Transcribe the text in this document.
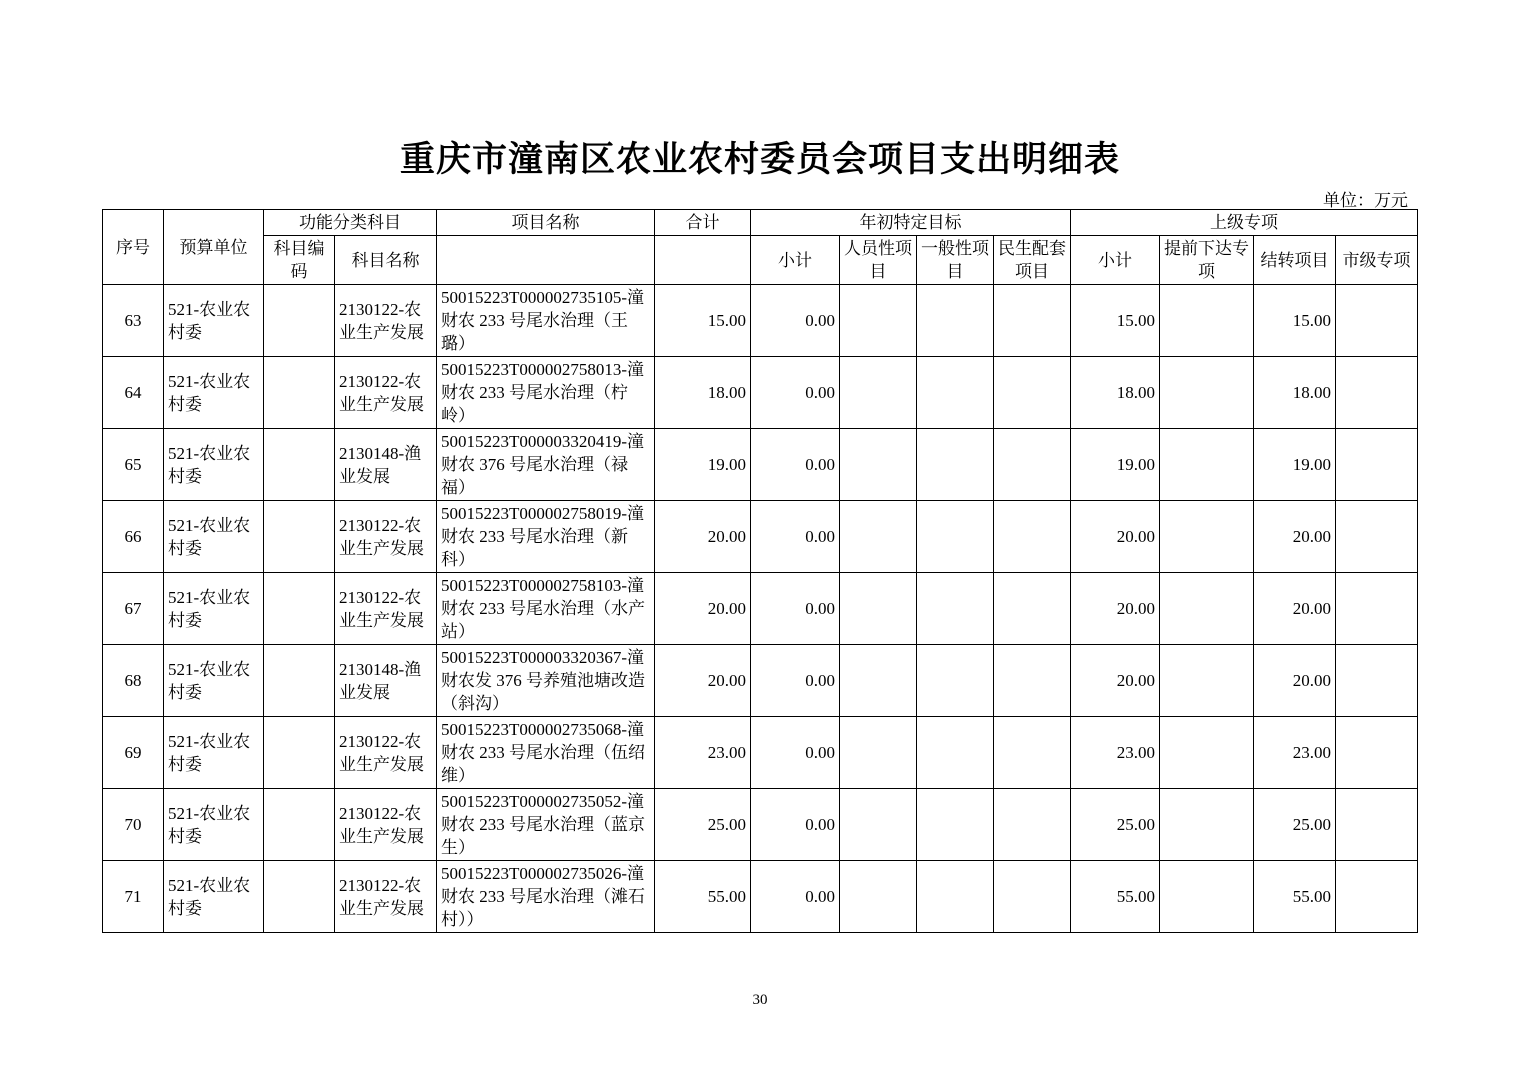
重庆市潼南区农业农村委员会项目支出明细表
单位：万元
序号	预算单位	功能分类科目		项目名称	合计	年初特定目标				上级专项			
		科目编码	科目名称			小计	人员性项目	一般性项目	民生配套项目	小计	提前下达专项	结转项目	市级专项
63	521-农业农村委		2130122-农业生产发展	50015223T000002735105-潼财农 233 号尾水治理（王璐）	15.00	0.00				15.00		15.00	
64	521-农业农村委		2130122-农业生产发展	50015223T000002758013-潼财农 233 号尾水治理（柠岭）	18.00	0.00				18.00		18.00	
65	521-农业农村委		2130148-渔业发展	50015223T000003320419-潼财农 376 号尾水治理（禄福）	19.00	0.00				19.00		19.00	
66	521-农业农村委		2130122-农业生产发展	50015223T000002758019-潼财农 233 号尾水治理（新科）	20.00	0.00				20.00		20.00	
67	521-农业农村委		2130122-农业生产发展	50015223T000002758103-潼财农 233 号尾水治理（水产站）	20.00	0.00				20.00		20.00	
68	521-农业农村委		2130148-渔业发展	50015223T000003320367-潼财农发 376 号养殖池塘改造（斜沟）	20.00	0.00				20.00		20.00	
69	521-农业农村委		2130122-农业生产发展	50015223T000002735068-潼财农 233 号尾水治理（伍绍维）	23.00	0.00				23.00		23.00	
70	521-农业农村委		2130122-农业生产发展	50015223T000002735052-潼财农 233 号尾水治理（蓝京生）	25.00	0.00				25.00		25.00	
71	521-农业农村委		2130122-农业生产发展	50015223T000002735026-潼财农 233 号尾水治理（滩石村））	55.00	0.00				55.00		55.00	
30
